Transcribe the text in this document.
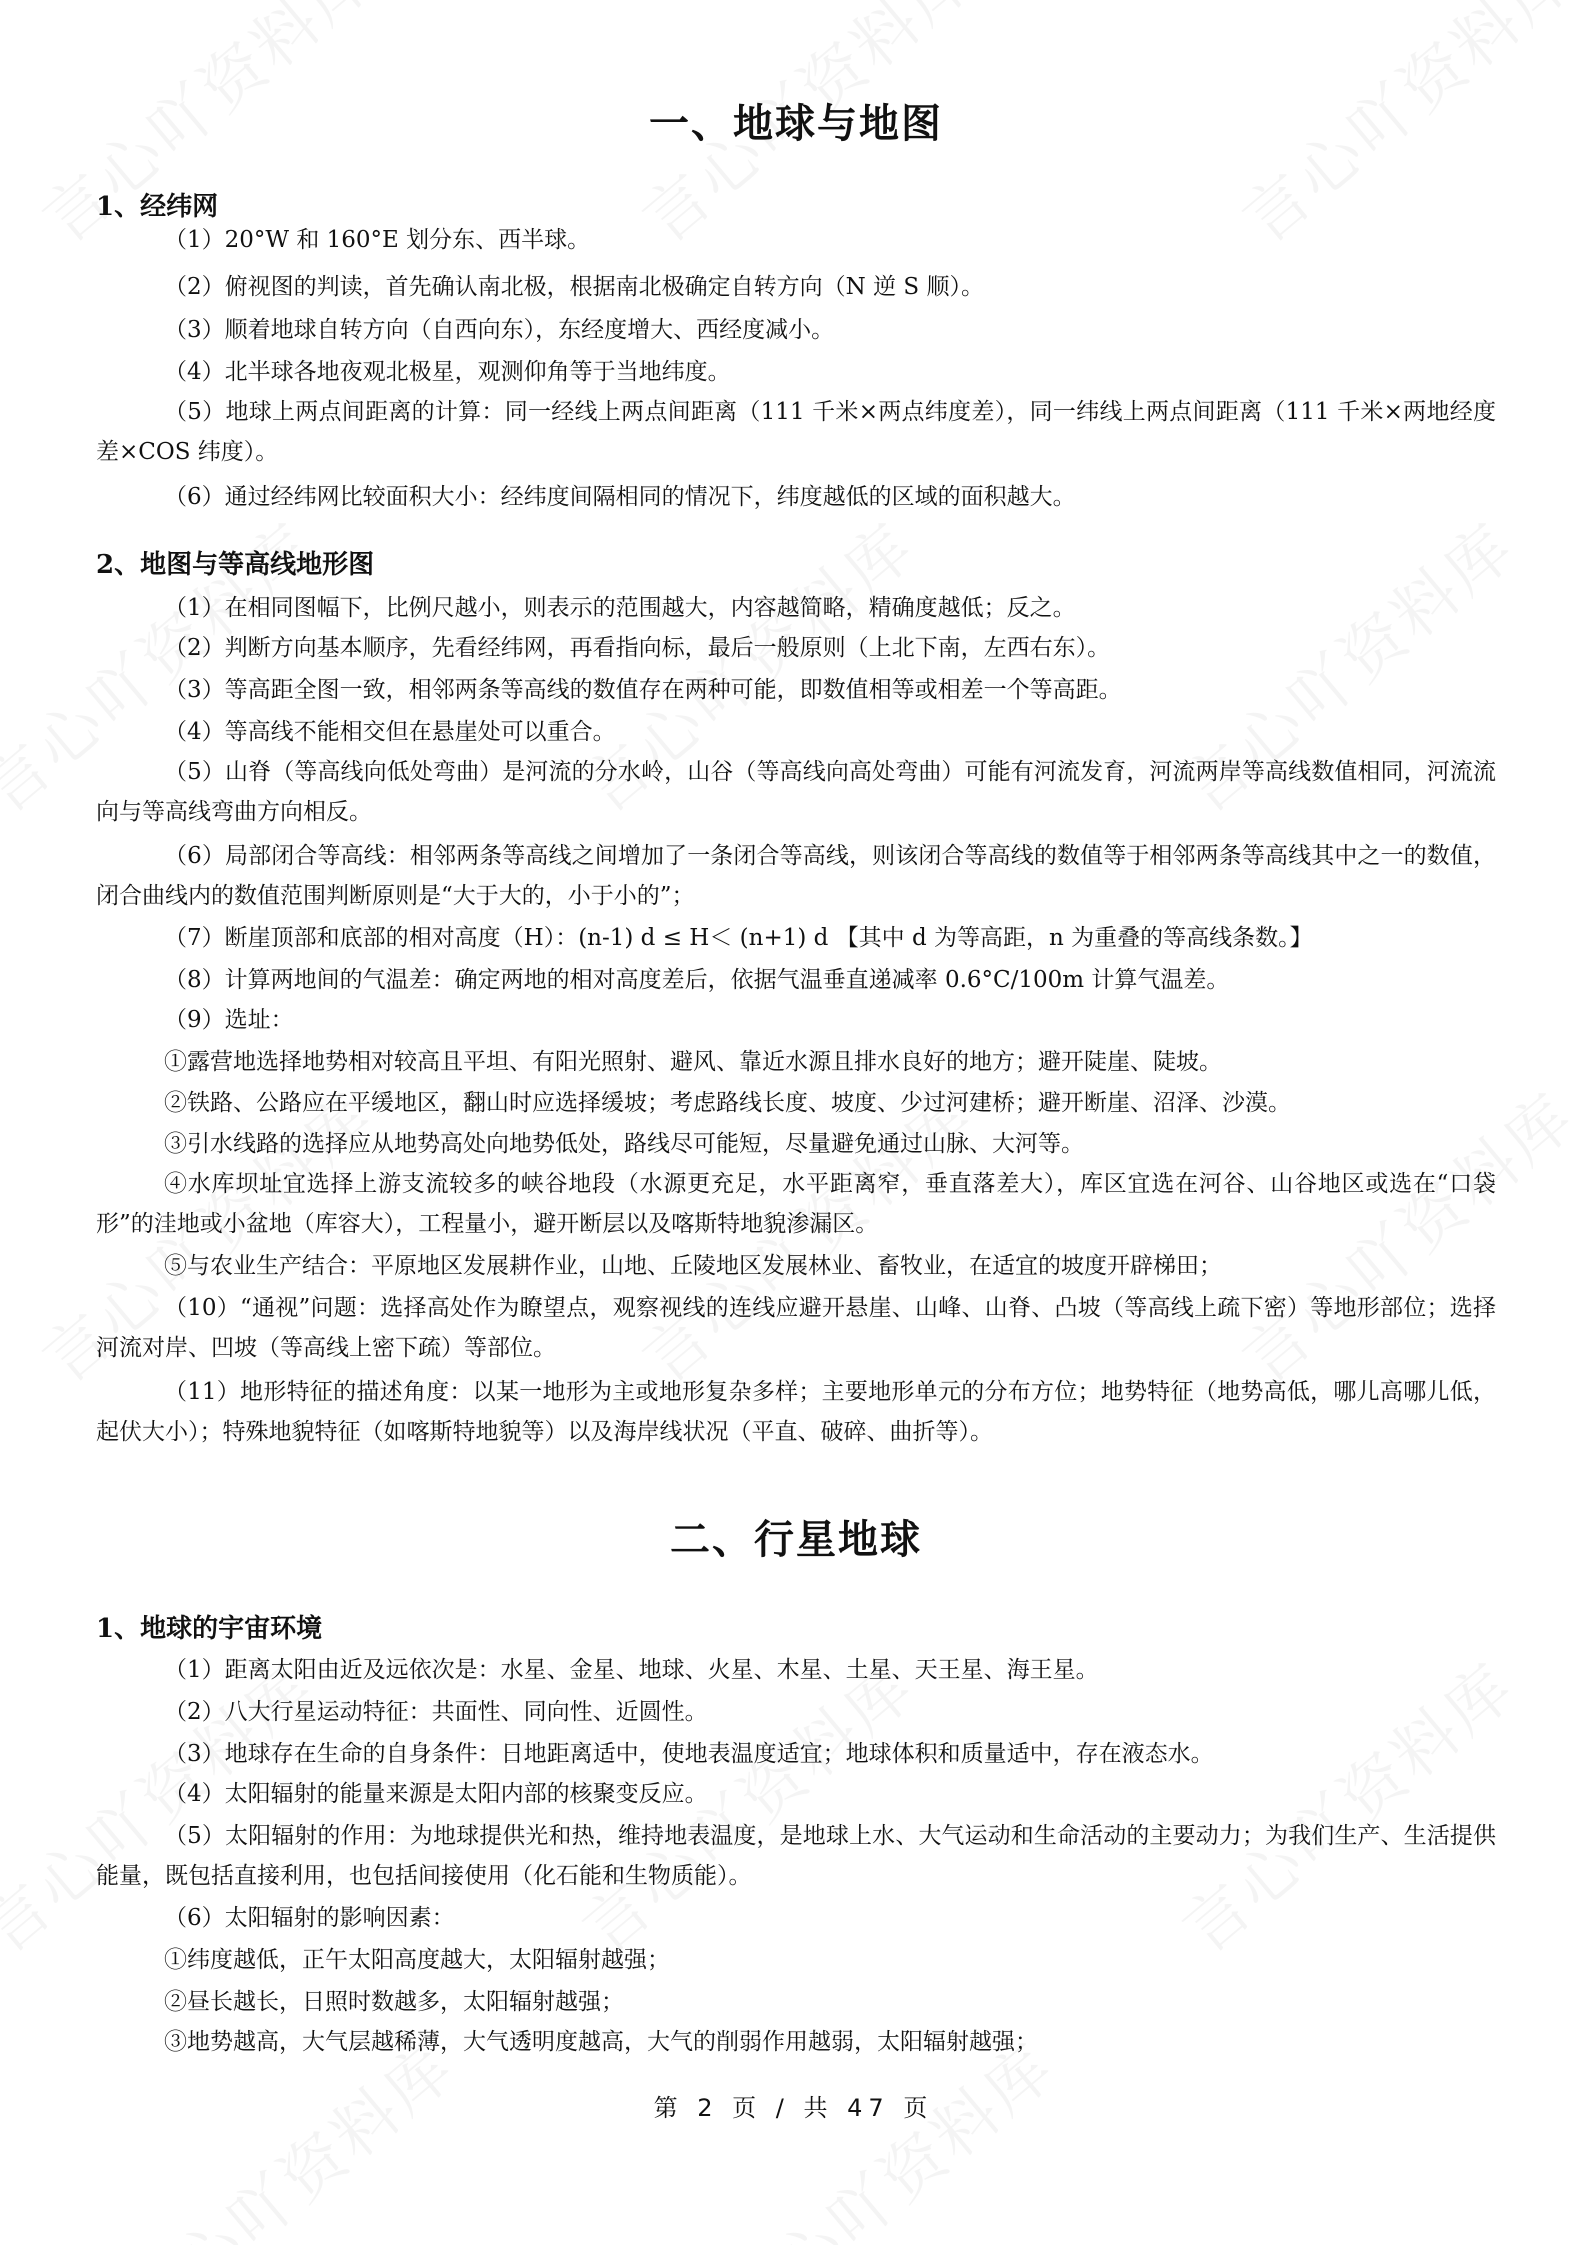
一、地球与地图
1、经纬网

（1）20°W 和 160°E 划分东、西半球。

（2）俯视图的判读，首先确认南北极，根据南北极确定自转方向（N 逆 S 顺）。

（3）顺着地球自转方向（自西向东），东经度增大、西经度减小。

（4）北半球各地夜观北极星，观测仰角等于当地纬度。

（5）地球上两点间距离的计算：同一经线上两点间距离（111 千米×两点纬度差），同一纬线上两点间距离（111 千米×两地经度差×COS 纬度）。

（6）通过经纬网比较面积大小：经纬度间隔相同的情况下，纬度越低的区域的面积越大。

2、地图与等高线地形图

（1）在相同图幅下，比例尺越小，则表示的范围越大，内容越简略，精确度越低；反之。

（2）判断方向基本顺序，先看经纬网，再看指向标，最后一般原则（上北下南，左西右东）。

（3）等高距全图一致，相邻两条等高线的数值存在两种可能，即数值相等或相差一个等高距。

（4）等高线不能相交但在悬崖处可以重合。

（5）山脊（等高线向低处弯曲）是河流的分水岭，山谷（等高线向高处弯曲）可能有河流发育，河流两岸等高线数值相同，河流流向与等高线弯曲方向相反。

（6）局部闭合等高线：相邻两条等高线之间增加了一条闭合等高线，则该闭合等高线的数值等于相邻两条等高线其中之一的数值，闭合曲线内的数值范围判断原则是“大于大的，小于小的”；

（7）断崖顶部和底部的相对高度（H）：(n-1) d ≤ H＜ (n+1) d 【其中 d 为等高距，n 为重叠的等高线条数。】

（8）计算两地间的气温差：确定两地的相对高度差后，依据气温垂直递减率 0.6°C/100m 计算气温差。

（9）选址：

①露营地选择地势相对较高且平坦、有阳光照射、避风、靠近水源且排水良好的地方；避开陡崖、陡坡。

②铁路、公路应在平缓地区，翻山时应选择缓坡；考虑路线长度、坡度、少过河建桥；避开断崖、沼泽、沙漠。

③引水线路的选择应从地势高处向地势低处，路线尽可能短，尽量避免通过山脉、大河等。

④水库坝址宜选择上游支流较多的峡谷地段（水源更充足，水平距离窄，垂直落差大），库区宜选在河谷、山谷地区或选在“口袋形”的洼地或小盆地（库容大），工程量小，避开断层以及喀斯特地貌渗漏区。

⑤与农业生产结合：平原地区发展耕作业，山地、丘陵地区发展林业、畜牧业，在适宜的坡度开辟梯田；

（10）“通视”问题：选择高处作为瞭望点，观察视线的连线应避开悬崖、山峰、山脊、凸坡（等高线上疏下密）等地形部位；选择河流对岸、凹坡（等高线上密下疏）等部位。

（11）地形特征的描述角度：以某一地形为主或地形复杂多样；主要地形单元的分布方位；地势特征（地势高低，哪儿高哪儿低，起伏大小）；特殊地貌特征（如喀斯特地貌等）以及海岸线状况（平直、破碎、曲折等）。

二、行星地球
1、地球的宇宙环境

（1）距离太阳由近及远依次是：水星、金星、地球、火星、木星、土星、天王星、海王星。

（2）八大行星运动特征：共面性、同向性、近圆性。

（3）地球存在生命的自身条件：日地距离适中，使地表温度适宜；地球体积和质量适中，存在液态水。

（4）太阳辐射的能量来源是太阳内部的核聚变反应。

（5）太阳辐射的作用：为地球提供光和热，维持地表温度，是地球上水、大气运动和生命活动的主要动力；为我们生产、生活提供能量，既包括直接利用，也包括间接使用（化石能和生物质能）。

（6）太阳辐射的影响因素：

①纬度越低，正午太阳高度越大，太阳辐射越强；

②昼长越长，日照时数越多，太阳辐射越强；

③地势越高，大气层越稀薄，大气透明度越高，大气的削弱作用越弱，太阳辐射越强；

第 2 页 / 共 47 页
